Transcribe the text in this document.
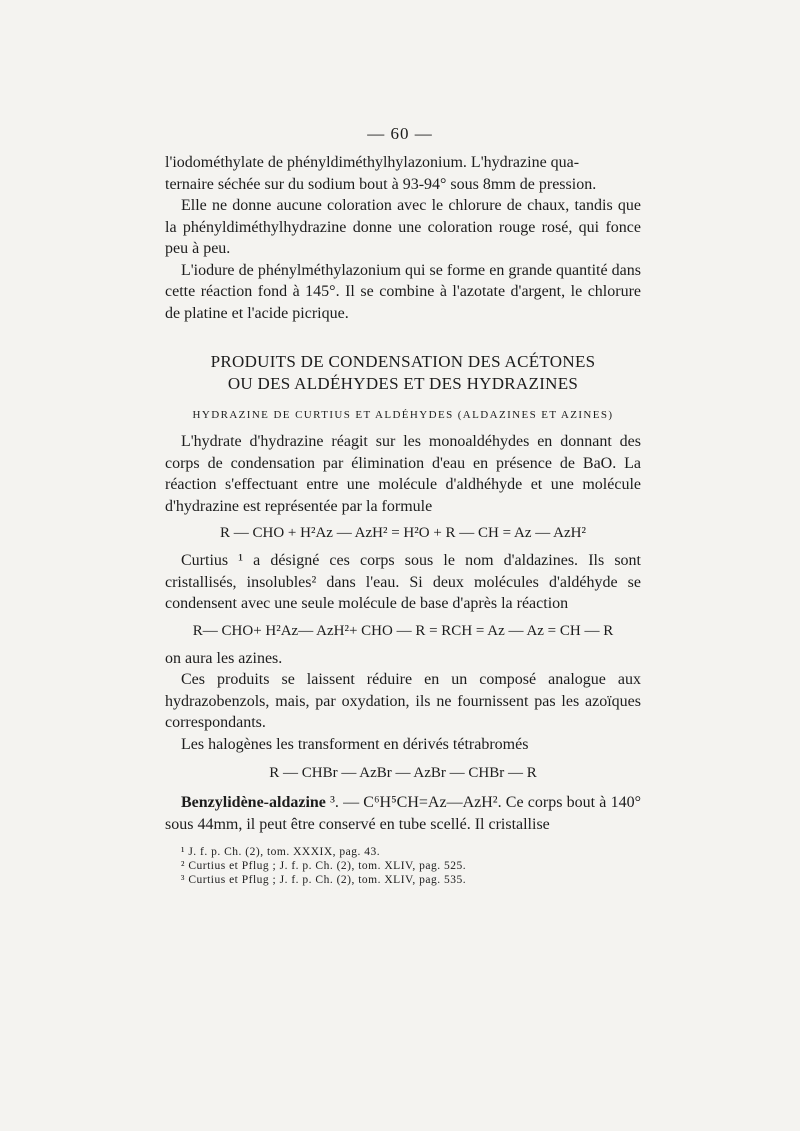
— 60 —

l'iodométhylate de phényldiméthylhylazonium. L'hydrazine qua-

ternaire séchée sur du sodium bout à 93-94° sous 8mm de pression.

Elle ne donne aucune coloration avec le chlorure de chaux, tandis que la phényldiméthylhydrazine donne une coloration rouge rosé, qui fonce peu à peu.

L'iodure de phénylméthylazonium qui se forme en grande quantité dans cette réaction fond à 145°. Il se combine à l'azotate d'argent, le chlorure de platine et l'acide picrique.

PRODUITS DE CONDENSATION DES ACÉTONES
OU DES ALDÉHYDES ET DES HYDRAZINES
HYDRAZINE DE CURTIUS ET ALDÉHYDES (ALDAZINES ET AZINES)

L'hydrate d'hydrazine réagit sur les monoaldéhydes en donnant des corps de condensation par élimination d'eau en présence de BaO. La réaction s'effectuant entre une molécule d'aldhéhyde et une molécule d'hydrazine est représentée par la formule

R — CHO + H²Az — AzH² = H²O + R — CH = Az — AzH²

Curtius ¹ a désigné ces corps sous le nom d'aldazines. Ils sont cristallisés, insolubles² dans l'eau. Si deux molécules d'aldéhyde se condensent avec une seule molécule de base d'après la réaction

R— CHO+ H²Az— AzH²+ CHO — R = RCH = Az — Az = CH — R

on aura les azines.

Ces produits se laissent réduire en un composé analogue aux hydrazobenzols, mais, par oxydation, ils ne fournissent pas les azoïques correspondants.

Les halogènes les transforment en dérivés tétrabromés

R — CHBr — AzBr — AzBr — CHBr — R

Benzylidène-aldazine ³. — C⁶H⁵CH=Az—AzH². Ce corps bout à 140° sous 44mm, il peut être conservé en tube scellé. Il cristallise

¹ J. f. p. Ch. (2), tom. XXXIX, pag. 43.
² Curtius et Pflug ; J. f. p. Ch. (2), tom. XLIV, pag. 525.
³ Curtius et Pflug ; J. f. p. Ch. (2), tom. XLIV, pag. 535.
